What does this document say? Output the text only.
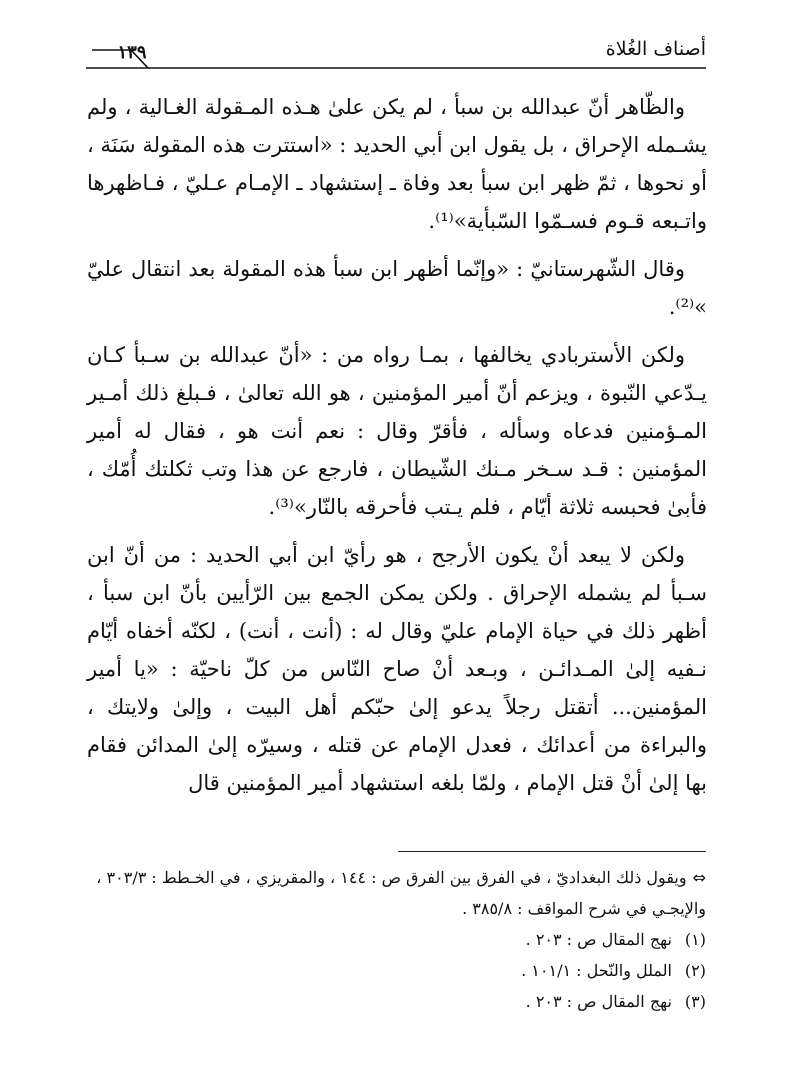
١٣٩	أصناف الغُلاة

والظّاهر أنّ عبدالله بن سبأ ، لم يكن علىٰ هـذه المـقولة الغـالية ، ولم يشـمله الإحراق ، بل يقول ابن أبي الحديد : «استترت هذه المقولة سَنَة ، أو نحوها ، ثمّ ظهر ابن سبأ بعد وفاة ـ إستشهاد ـ الإمـام عـليّ ، فـاظهرها واتـبعه قـوم فسـمّوا السّبأية»⁽¹⁾.

وقال الشّهرستانيّ : «وإنّما أظهر ابن سبأ هذه المقولة بعد انتقال عليّ »⁽²⁾.

ولكن الأستربادي يخالفها ، بمـا رواه من : «أنّ عبدالله بن سـبأ كـان يـدّعي النّبوة ، ويزعم أنّ أمير المؤمنين ، هو الله تعالىٰ ، فـبلغ ذلك أمـير المـؤمنين فدعاه وسأله ، فأقرّ وقال : نعم أنت هو ، فقال له أمير المؤمنين : قـد سـخر مـنك الشّيطان ، فارجع عن هذا وتب ثكلتك أُمّك ، فأبىٰ فحبسه ثلاثة أيّام ، فلم يـتب فأحرقه بالنّار»⁽³⁾.

ولكن لا يبعد أنْ يكون الأرجح ، هو رأيّ ابن أبي الحديد : من أنّ ابن سـبأ لم يشمله الإحراق . ولكن يمكن الجمع بين الرّأيين بأنّ ابن سبأ ، أظهر ذلك في حياة الإمام عليّ وقال له : (أنت ، أنت) ، لكنّه أخفاه أيّام نـفيه إلىٰ المـدائـن ، وبـعد أنْ صاح النّاس من كلّ ناحيّة : «يا أمير المؤمنين... أتقتل رجلاً يدعو إلىٰ حبّكم أهل البيت ، وإلىٰ ولايتك ، والبراءة من أعدائك ، فعدل الإمام عن قتله ، وسيرّه إلىٰ المدائن فقام بها إلىٰ أنْ قتل الإمام ، ولمّا بلغه استشهاد أمير المؤمنين قال

⇔ويقول ذلك البغداديّ ، في الفرق بين الفرق ص : ١٤٤ ، والمقريزي ، في الخـطط : ٣٠٣/٣ ، والإيجـي في شرح المواقف : ٣٨٥/٨ .

(١)نهج المقال ص : ٢٠٣ .

(٢)الملل والنّحل : ١٠١/١ .

(٣)نهج المقال ص : ٢٠٣ .
